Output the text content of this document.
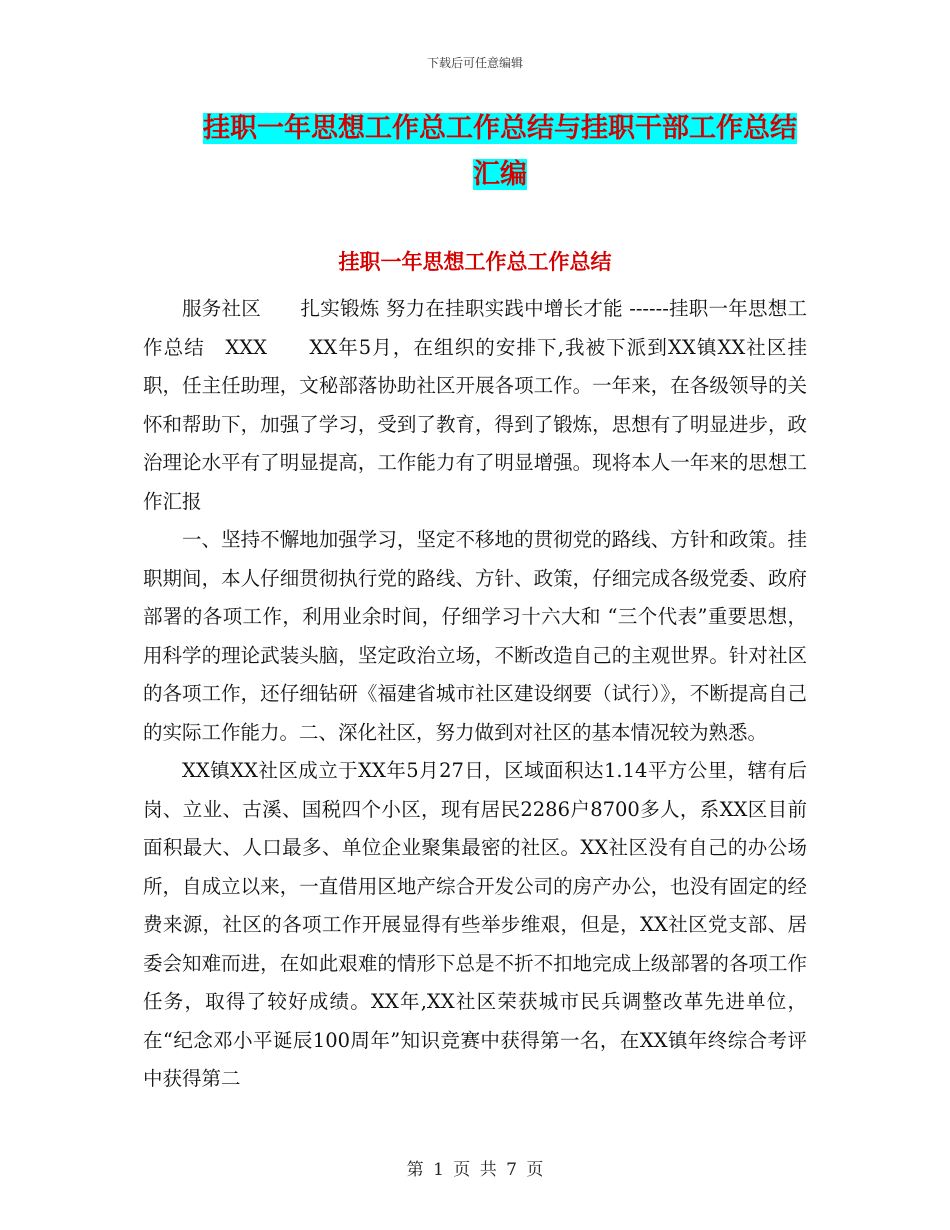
下载后可任意编辑
挂职一年思想工作总工作总结与挂职干部工作总结汇编
挂职一年思想工作总工作总结

服务社区　　扎实锻炼 努力在挂职实践中增长才能 ------挂职一年思想工作总结　XXX　　XX年5月，在组织的安排下,我被下派到XX镇XX社区挂职，任主任助理，文秘部落协助社区开展各项工作。一年来，在各级领导的关怀和帮助下，加强了学习，受到了教育，得到了锻炼，思想有了明显进步，政治理论水平有了明显提高，工作能力有了明显增强。现将本人一年来的思想工作汇报

一、坚持不懈地加强学习，坚定不移地的贯彻党的路线、方针和政策。挂职期间，本人仔细贯彻执行党的路线、方针、政策，仔细完成各级党委、政府部署的各项工作，利用业余时间，仔细学习十六大和 “三个代表”重要思想，用科学的理论武装头脑，坚定政治立场，不断改造自己的主观世界。针对社区的各项工作，还仔细钻研《福建省城市社区建设纲要（试行）》，不断提高自己的实际工作能力。二、深化社区，努力做到对社区的基本情况较为熟悉。

XX镇XX社区成立于XX年5月27日，区域面积达1.14平方公里，辖有后岗、立业、古溪、国税四个小区，现有居民2286户8700多人，系XX区目前面积最大、人口最多、单位企业聚集最密的社区。XX社区没有自己的办公场所，自成立以来，一直借用区地产综合开发公司的房产办公，也没有固定的经费来源，社区的各项工作开展显得有些举步维艰，但是，XX社区党支部、居委会知难而进，在如此艰难的情形下总是不折不扣地完成上级部署的各项工作任务，取得了较好成绩。XX年,XX社区荣获城市民兵调整改革先进单位，在“纪念邓小平诞辰100周年”知识竞赛中获得第一名，在XX镇年终综合考评中获得第二

第 1 页 共 7 页
